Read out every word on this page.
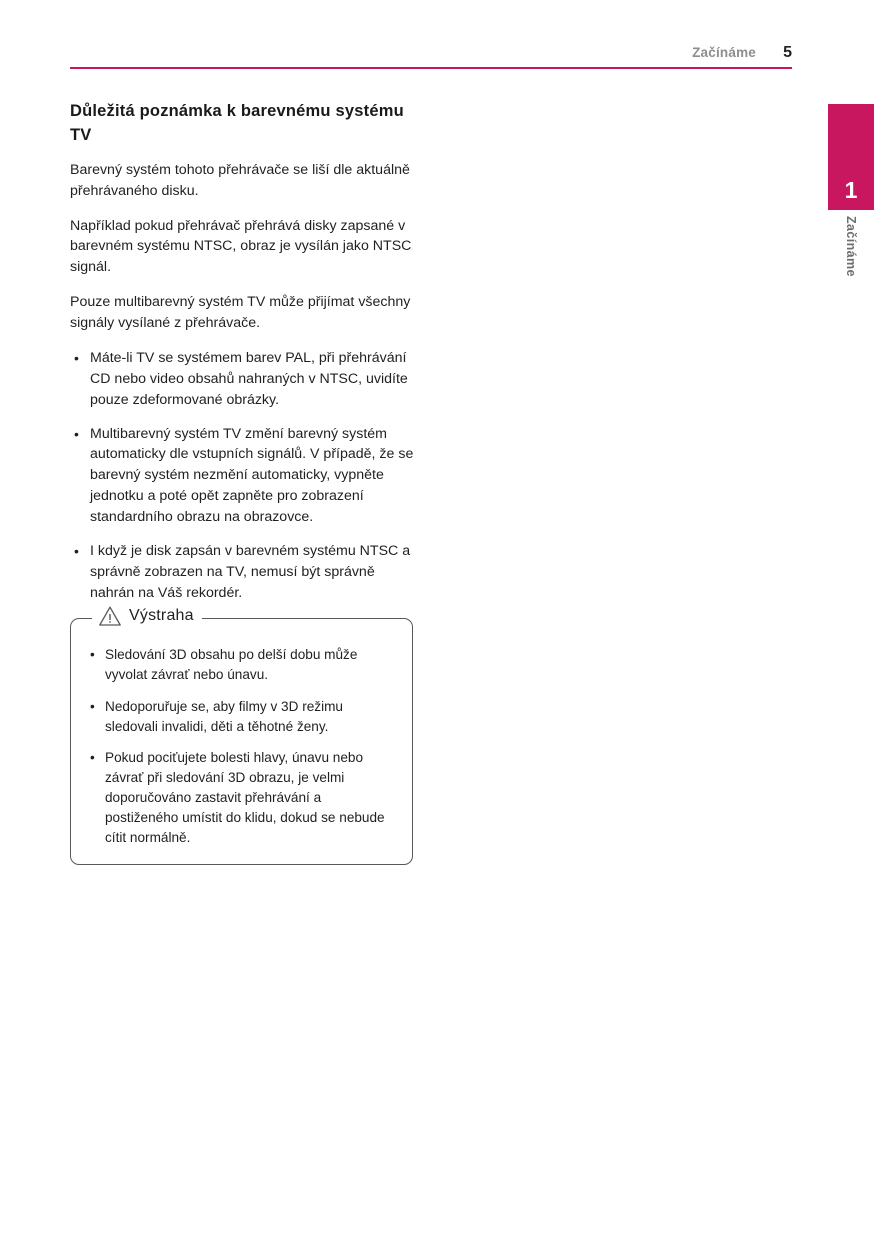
Začínáme	5
1
Začínáme
Důležitá poznámka k barevnému systému TV

Barevný systém tohoto přehrávače se liší dle aktuálně přehrávaného disku.

Například pokud přehrávač přehrává disky zapsané v barevném systému NTSC, obraz je vysílán jako NTSC signál.

Pouze multibarevný systém TV může přijímat všechny signály vysílané z přehrávače.

• Máte-li TV se systémem barev PAL, při přehrávání CD nebo video obsahů nahraných v NTSC, uvidíte pouze zdeformované obrázky.
• Multibarevný systém TV změní barevný systém automaticky dle vstupních signálů. V případě, že se barevný systém nezmění automaticky, vypněte jednotku a poté opět zapněte pro zobrazení standardního obrazu na obrazovce.
• I když je disk zapsán v barevném systému NTSC a správně zobrazen na TV, nemusí být správně nahrán na Váš rekordér.
• Sledování 3D obsahu po delší dobu může vyvolat závrať nebo únavu.
• Nedoporuřuje se, aby filmy v 3D režimu sledovali invalidi, děti a těhotné ženy.
• Pokud pociťujete bolesti hlavy, únavu nebo závrať při sledování 3D obrazu, je velmi doporučováno zastavit přehrávání a postiženého umístit do klidu, dokud se nebude cítit normálně.
Výstraha
